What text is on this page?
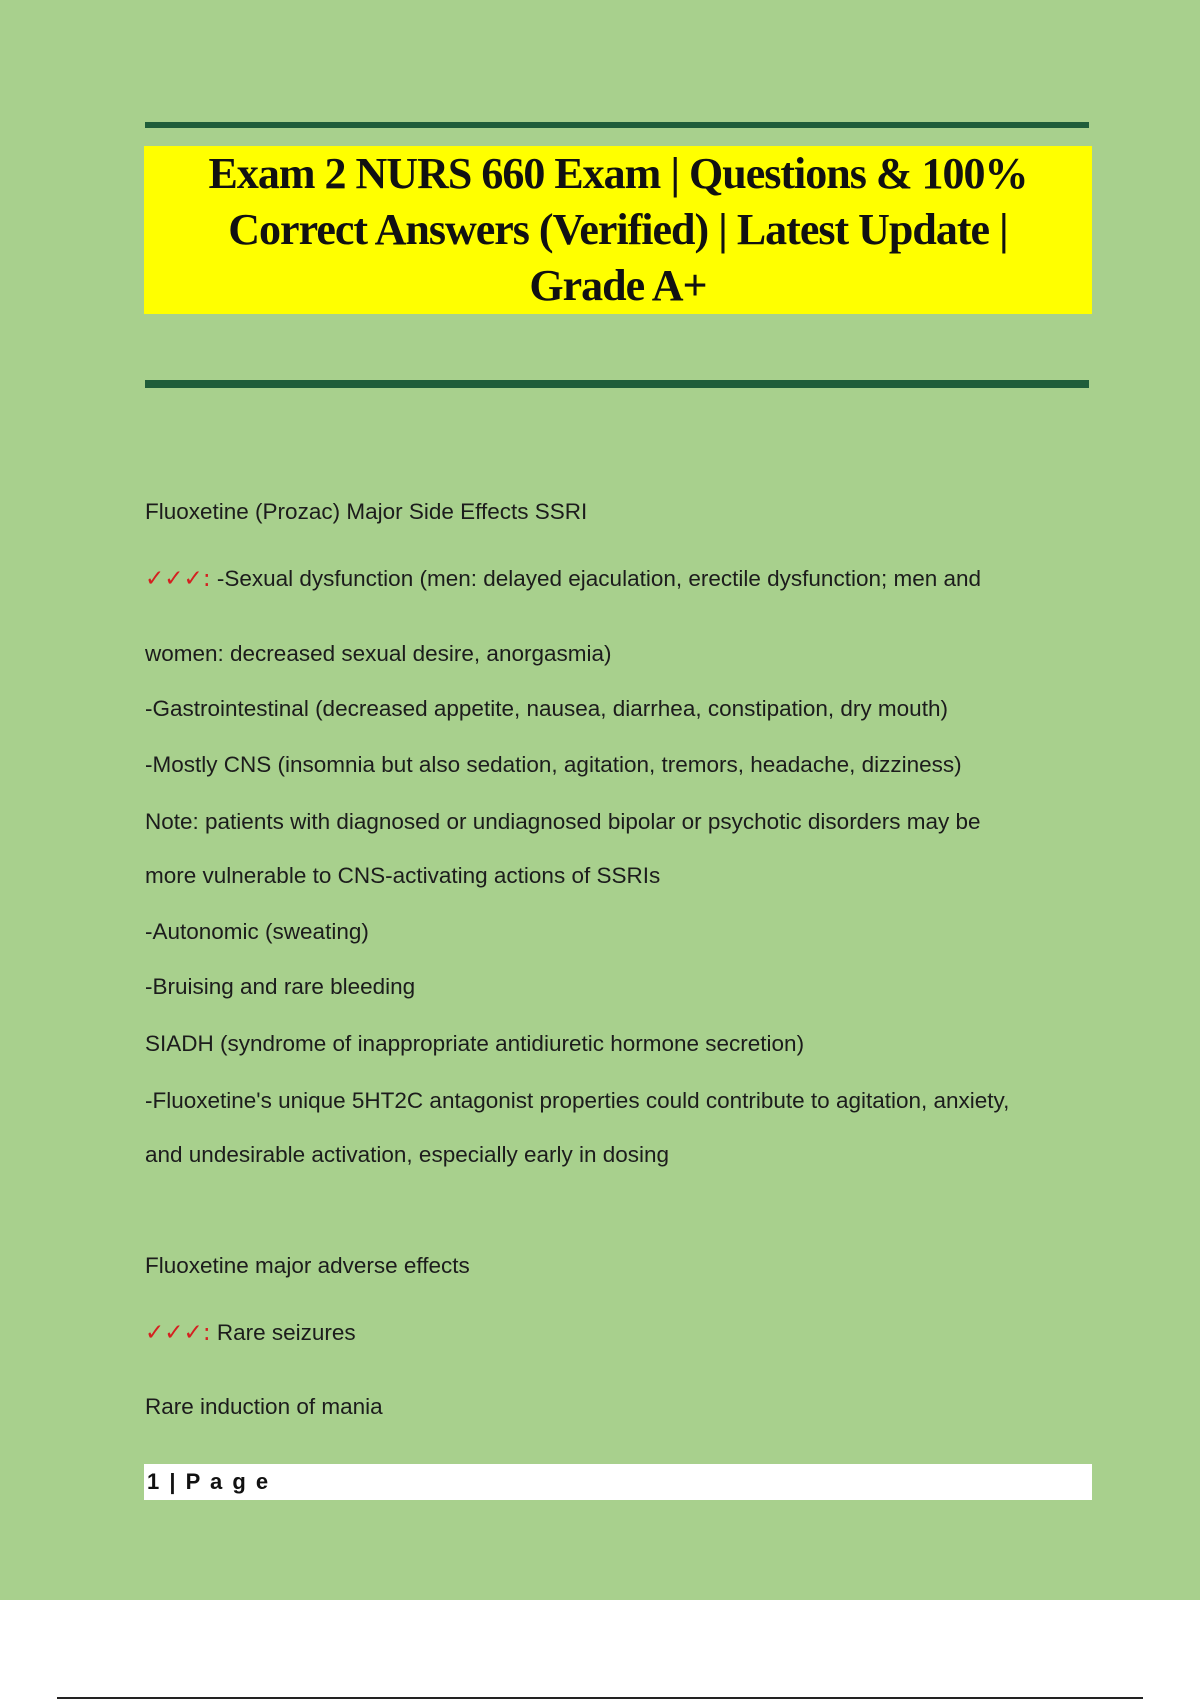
Exam 2 NURS 660 Exam | Questions & 100% Correct Answers (Verified) | Latest Update | Grade A+
Fluoxetine (Prozac) Major Side Effects SSRI
✓✓✓: -Sexual dysfunction (men: delayed ejaculation, erectile dysfunction; men and
women: decreased sexual desire, anorgasmia)
-Gastrointestinal (decreased appetite, nausea, diarrhea, constipation, dry mouth)
-Mostly CNS (insomnia but also sedation, agitation, tremors, headache, dizziness)
Note: patients with diagnosed or undiagnosed bipolar or psychotic disorders may be
more vulnerable to CNS-activating actions of SSRIs
-Autonomic (sweating)
-Bruising and rare bleeding
SIADH (syndrome of inappropriate antidiuretic hormone secretion)
-Fluoxetine's unique 5HT2C antagonist properties could contribute to agitation, anxiety,
and undesirable activation, especially early in dosing
Fluoxetine major adverse effects
✓✓✓: Rare seizures
Rare induction of mania
1 | P a g e
